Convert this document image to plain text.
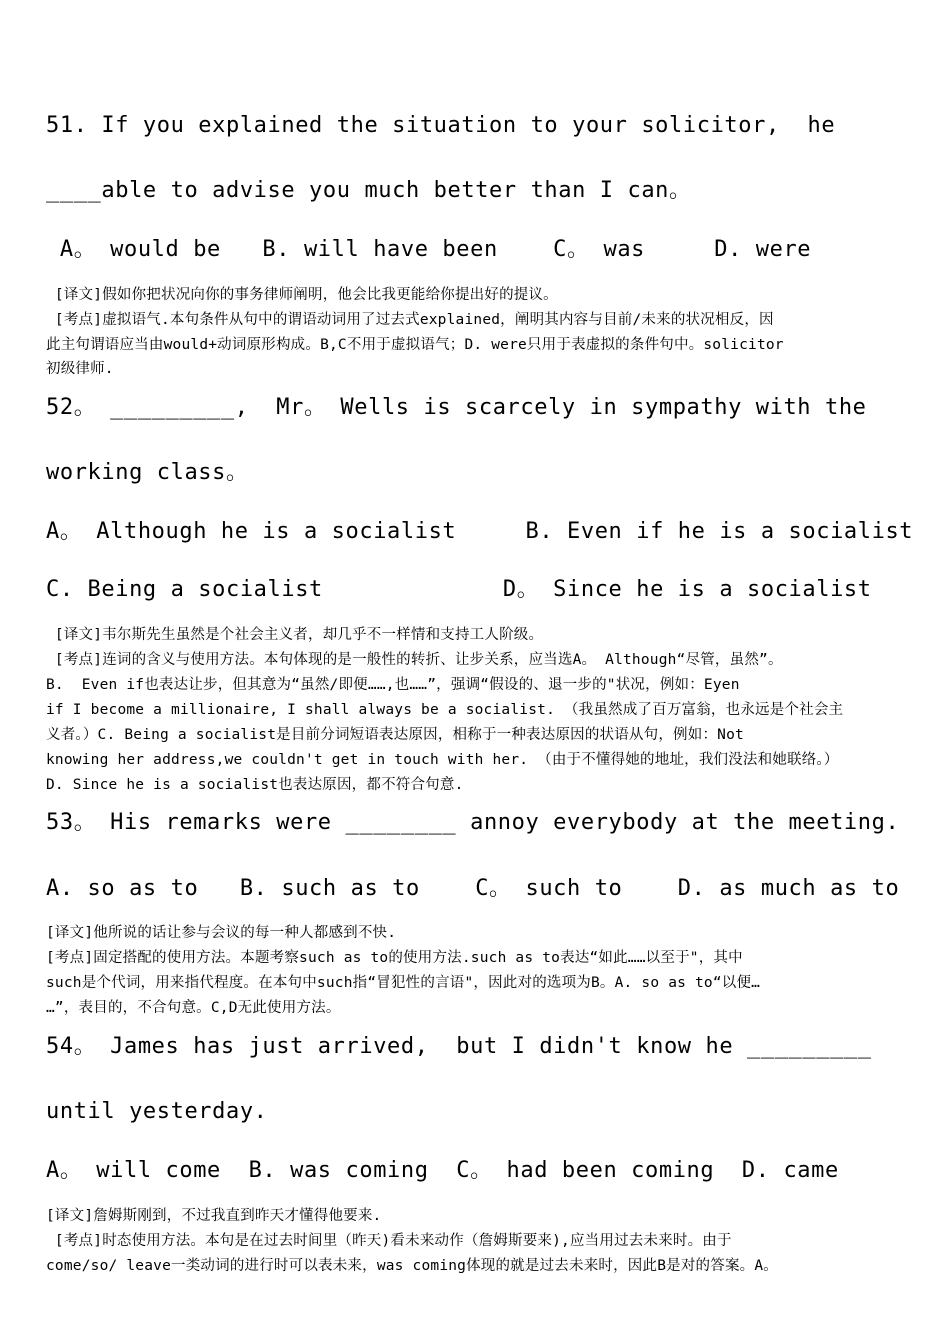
51. If you explained the situation to your solicitor,  he
____able to advise you much better than I can。
A。 would be   B. will have been    C。 was     D. were
[译文]假如你把状况向你的事务律师阐明，他会比我更能给你提出好的提议。
[考点]虚拟语气.本句条件从句中的谓语动词用了过去式explained，阐明其内容与目前/未来的状况相反，因
此主句谓语应当由would+动词原形构成。B,C不用于虚拟语气；D. were只用于表虚拟的条件句中。solicitor
初级律师.
52。 _________,  Mr。 Wells is scarcely in sympathy with the
working class。
A。 Although he is a socialist     B. Even if he is a socialist
C. Being a socialist             D。 Since he is a socialist
[译文]韦尔斯先生虽然是个社会主义者，却几乎不一样情和支持工人阶级。
[考点]连词的含义与使用方法。本句体现的是一般性的转折、让步关系，应当选A。 Although“尽管，虽然”。
B.  Even if也表达让步，但其意为“虽然/即便……,也……”，强调“假设的、退一步的"状况，例如：Eyen
if I become a millionaire, I shall always be a socialist. （我虽然成了百万富翁，也永远是个社会主
义者。）C. Being a socialist是目前分词短语表达原因，相称于一种表达原因的状语从句，例如：Not
knowing her address,we couldn't get in touch with her. （由于不懂得她的地址，我们没法和她联络。）
D. Since he is a socialist也表达原因，都不符合句意.
53。 His remarks were ________ annoy everybody at the meeting.
A. so as to   B. such as to    C。 such to    D. as much as to
[译文]他所说的话让参与会议的每一种人都感到不快.
[考点]固定搭配的使用方法。本题考察such as to的使用方法.such as to表达“如此……以至于"，其中
such是个代词，用来指代程度。在本句中such指“冒犯性的言语"，因此对的选项为B。A. so as to“以便…
…”，表目的，不合句意。C,D无此使用方法。
54。 James has just arrived,  but I didn't know he _________
until yesterday.
A。 will come  B. was coming  C。 had been coming  D. came
[译文]詹姆斯刚到，不过我直到昨天才懂得他要来.
[考点]时态使用方法。本句是在过去时间里（昨天)看未来动作（詹姆斯要来),应当用过去未来时。由于
come/so/ leave一类动词的进行时可以表未来，was coming体现的就是过去未来时，因此B是对的答案。A。
